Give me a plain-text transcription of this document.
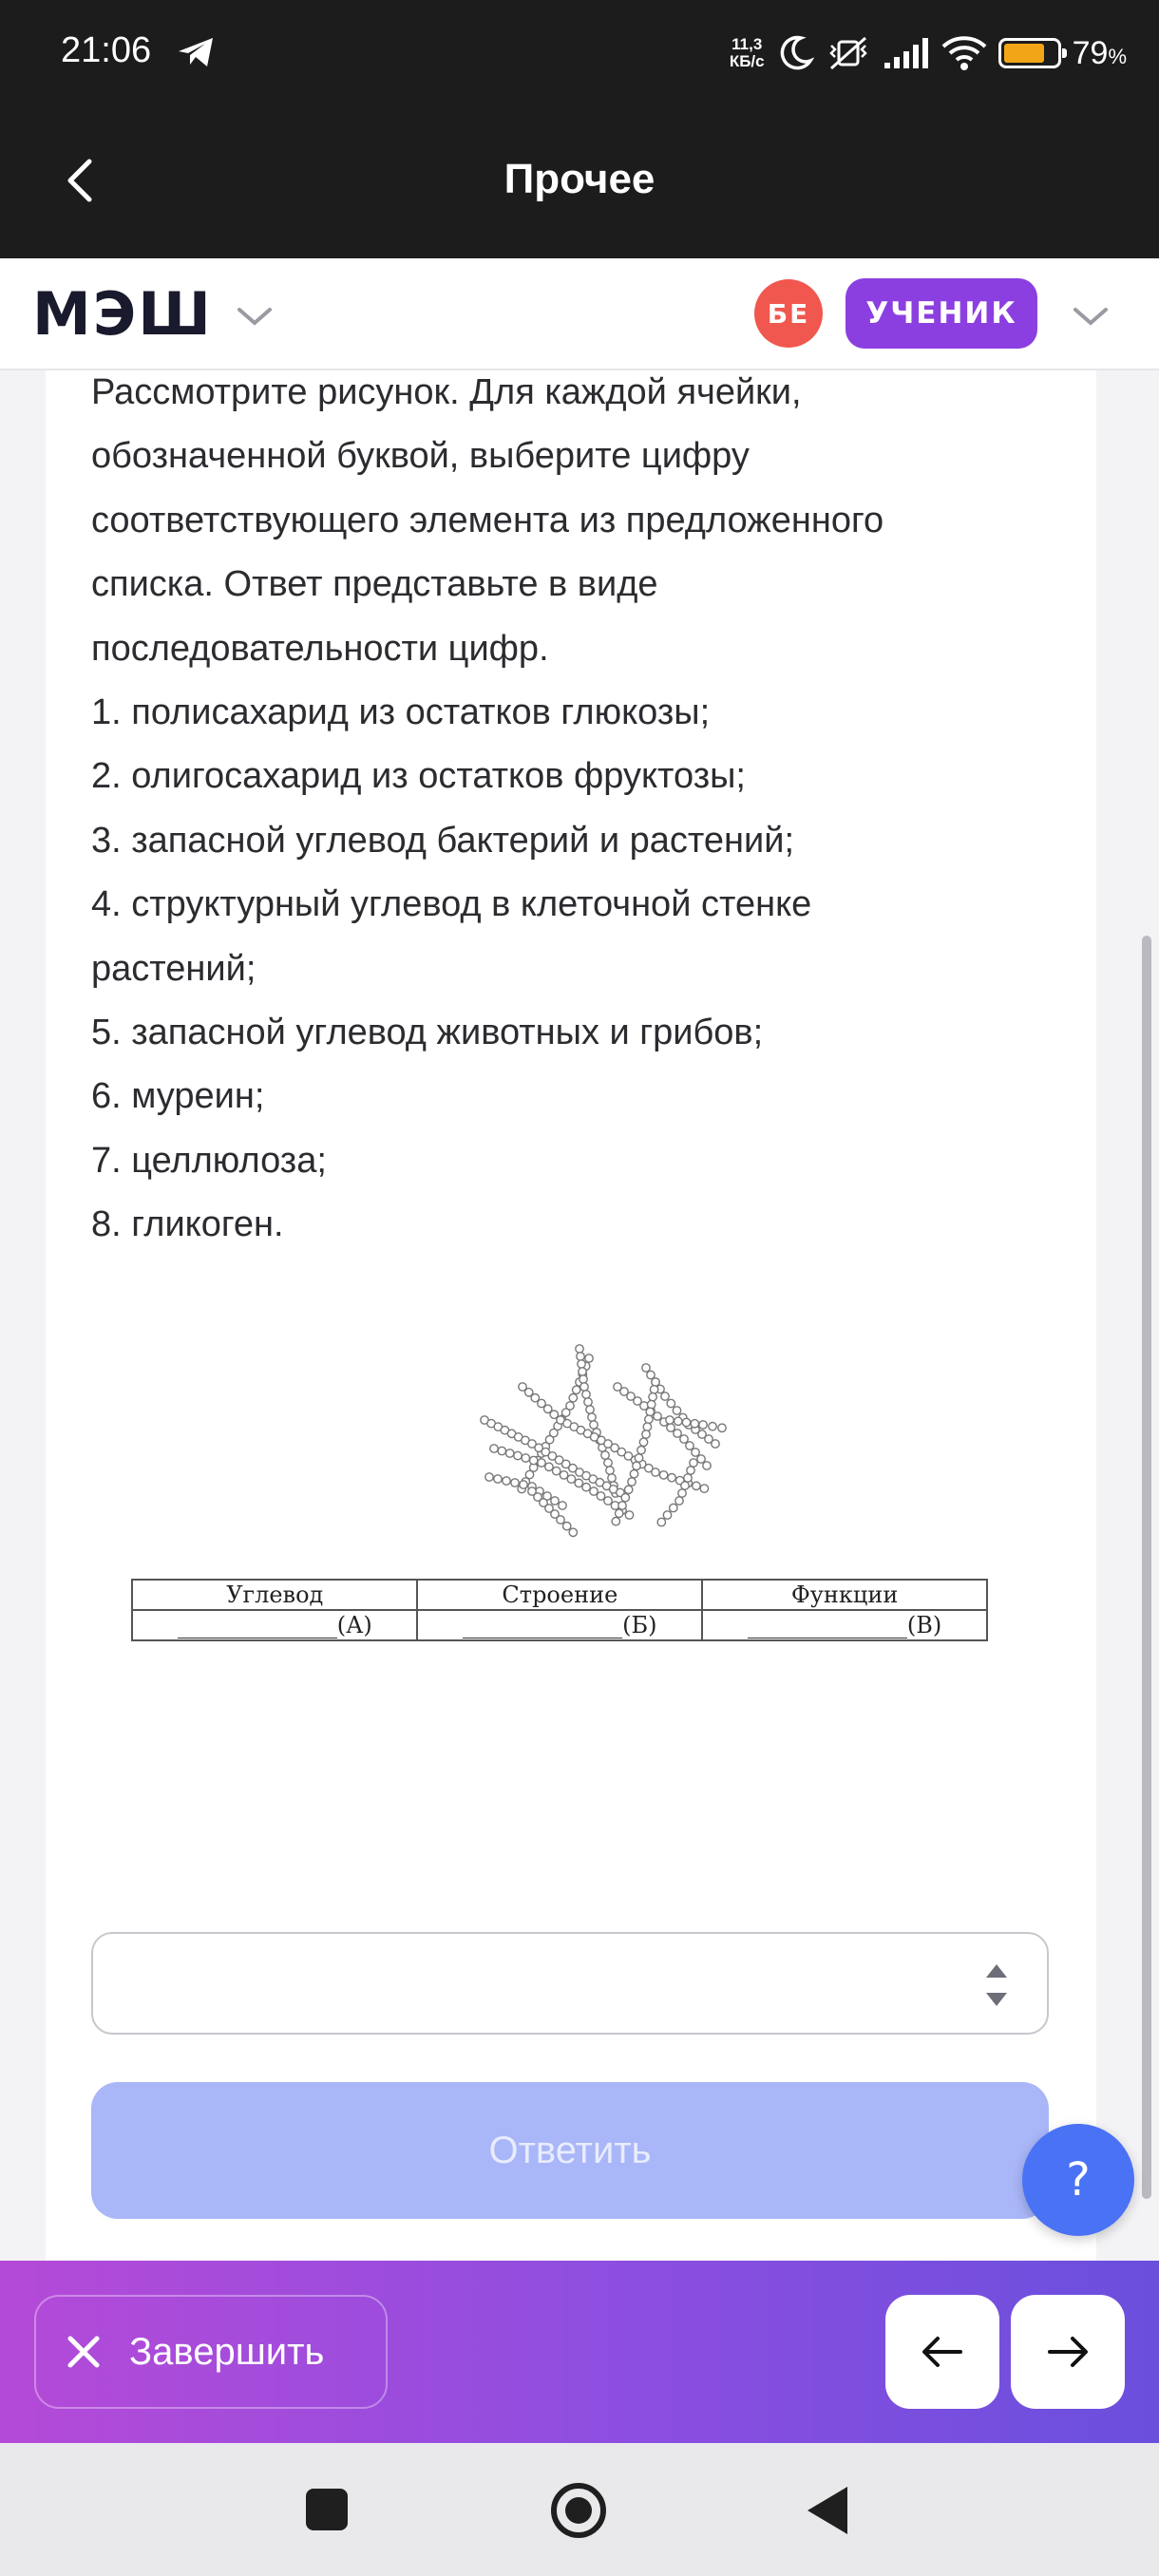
21:06	11,3
КБ/с	79%
Прочее
МЭШ	БЕ	УЧЕНИК

Рассмотрите рисунок. Для каждой ячейки,

обозначенной буквой, выберите цифру

соответствующего элемента из предложенного

списка. Ответ представьте в виде

последовательности цифр.

1. полисахарид из остатков глюкозы;

2. олигосахарид из остатков фруктозы;

3. запасной углевод бактерий и растений;

4. структурный углевод в клеточной стенке

растений;

5. запасной углевод животных и грибов;

6. муреин;

7. целлюлоза;

8. гликоген.

Углевод	Строение	Функции
(А)	(Б)	(В)
Ответить
?
Завершить
